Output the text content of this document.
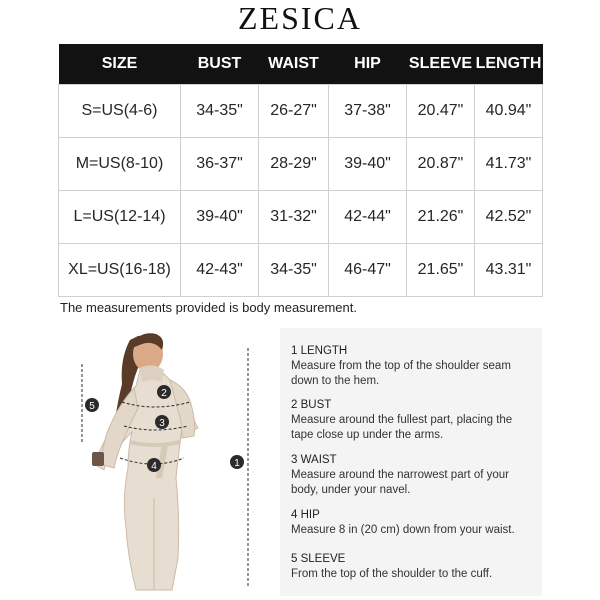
ZESICA
SIZE	BUST	WAIST	HIP	SLEEVE	LENGTH
S=US(4-6)	34-35"	26-27"	37-38"	20.47"	40.94"
M=US(8-10)	36-37"	28-29"	39-40"	20.87"	41.73"
L=US(12-14)	39-40"	31-32"	42-44"	21.26"	42.52"
XL=US(16-18)	42-43"	34-35"	46-47"	21.65"	43.31"
The measurements provided is body measurement.
2
3
4	1
5
1 LENGTH
Measure from the top of the shoulder seam down to the hem.
2 BUST
Measure around the fullest part, placing the tape close up under the arms.
3 WAIST
Measure around the narrowest part of your body, under your navel.
4 HIP
Measure 8 in (20 cm) down from your waist.
5 SLEEVE
From the top of the shoulder to the cuff.
